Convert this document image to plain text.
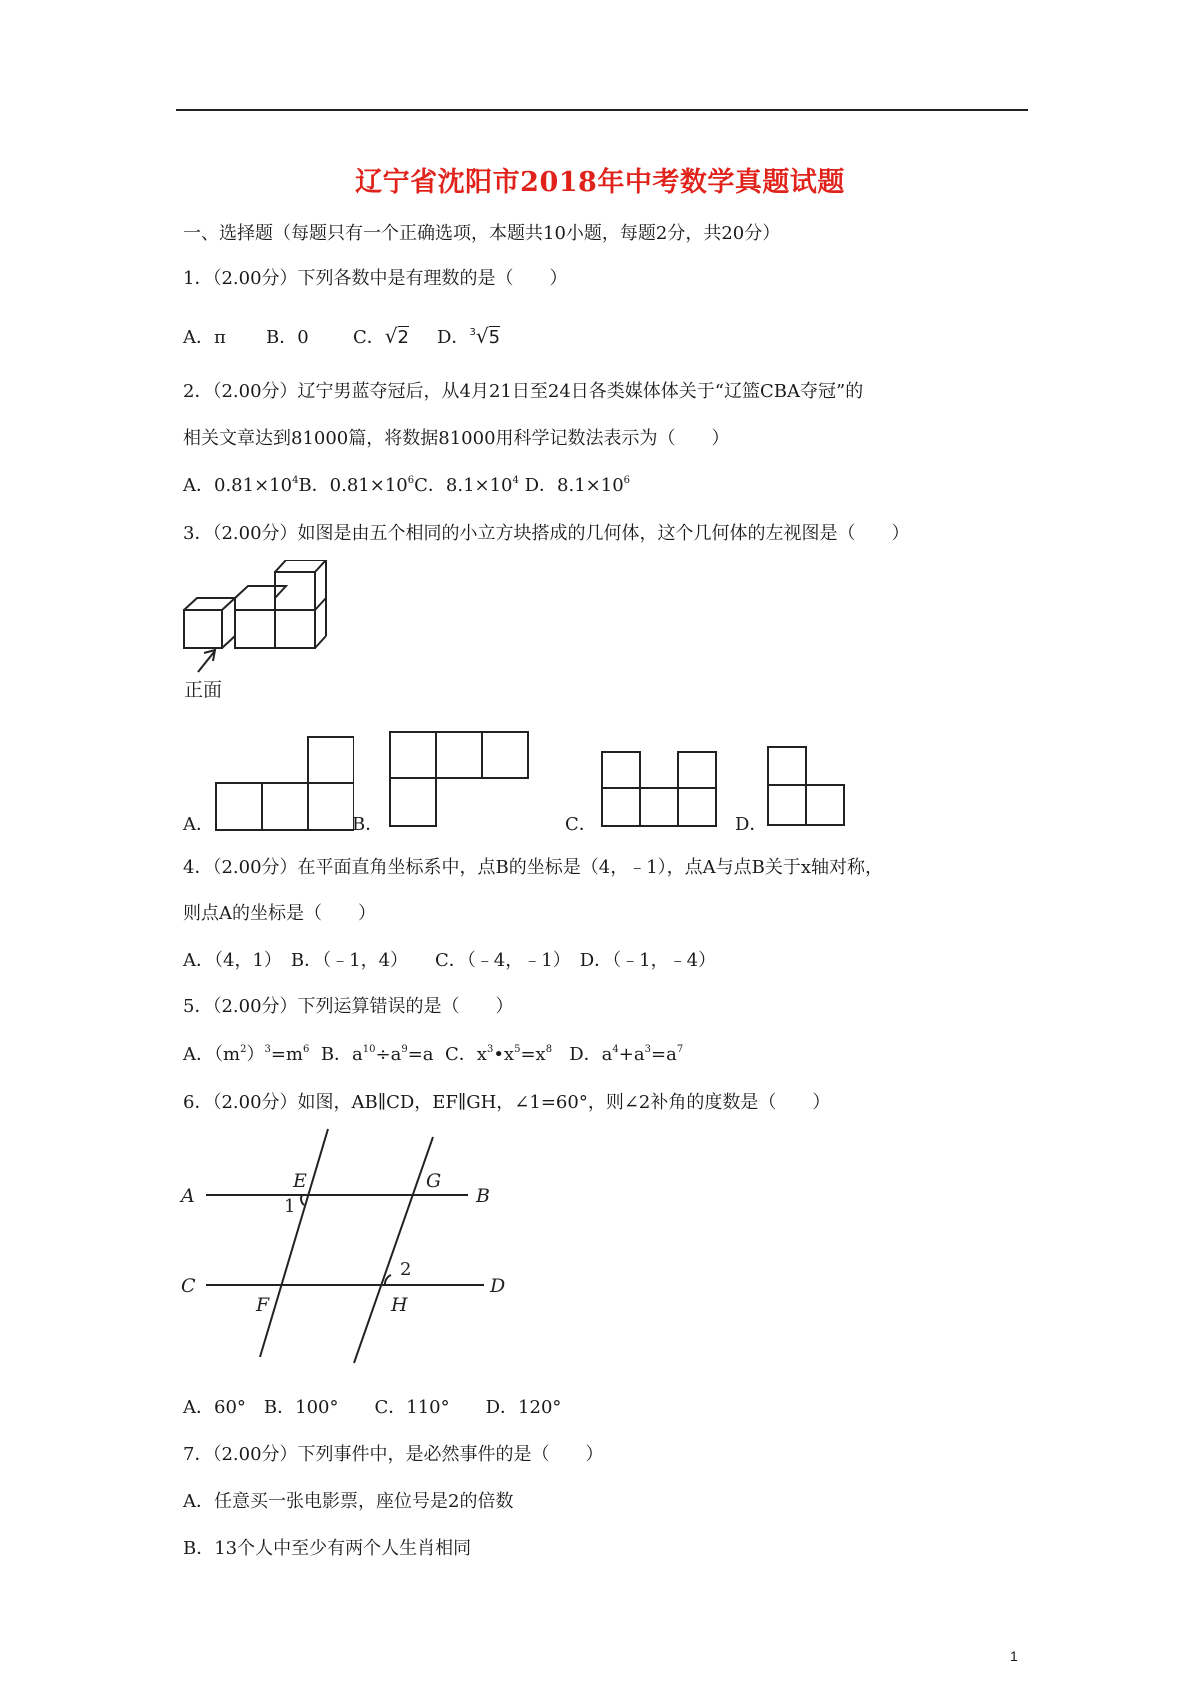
辽宁省沈阳市2018年中考数学真题试题
一、选择题（每题只有一个正确选项，本题共10小题，每题2分，共20分）
1．（2.00分）下列各数中是有理数的是（　　）
A．π B．0 C．√2 D．$^3$√5
2．（2.00分）辽宁男蓝夺冠后，从4月21日至24日各类媒体体关于“辽篮CBA夺冠”的
相关文章达到81000篇，将数据81000用科学记数法表示为（　　）
A．$0.81\times 10^4B$．$0.81\times 10^6C$．$8.1\times 10^4$ D．$8.1\times 10^6$
3．（2.00分）如图是由五个相同的小立方块搭成的几何体，这个几何体的左视图是（　　）
正面
A．	B．	C．	D．
4．（2.00分）在平面直角坐标系中，点B的坐标是（4，﹣1），点A与点B关于x轴对称，
则点A的坐标是（　　）
A．（4，1）　B．（﹣1，4）　　C．（﹣4，﹣1）　D．（﹣1，﹣4）
5．（2.00分）下列运算错误的是（　　）
A．$(m^2)^3=m^6$ B．$a^{10}\div a^9=a$ C．$x^3•x^5=x^8$ D．$a^4+a^3=a^7$
6．（2.00分）如图，AB∥CD，EF∥GH，∠1=60°，则∠2补角的度数是（　　）
A	B
C	D
E
F
G
H
1
2
A．60°　B．100°　　C．110°　　D．120°
7．（2.00分）下列事件中，是必然事件的是（　　）
A．任意买一张电影票，座位号是2的倍数
B．13个人中至少有两个人生肖相同
1
